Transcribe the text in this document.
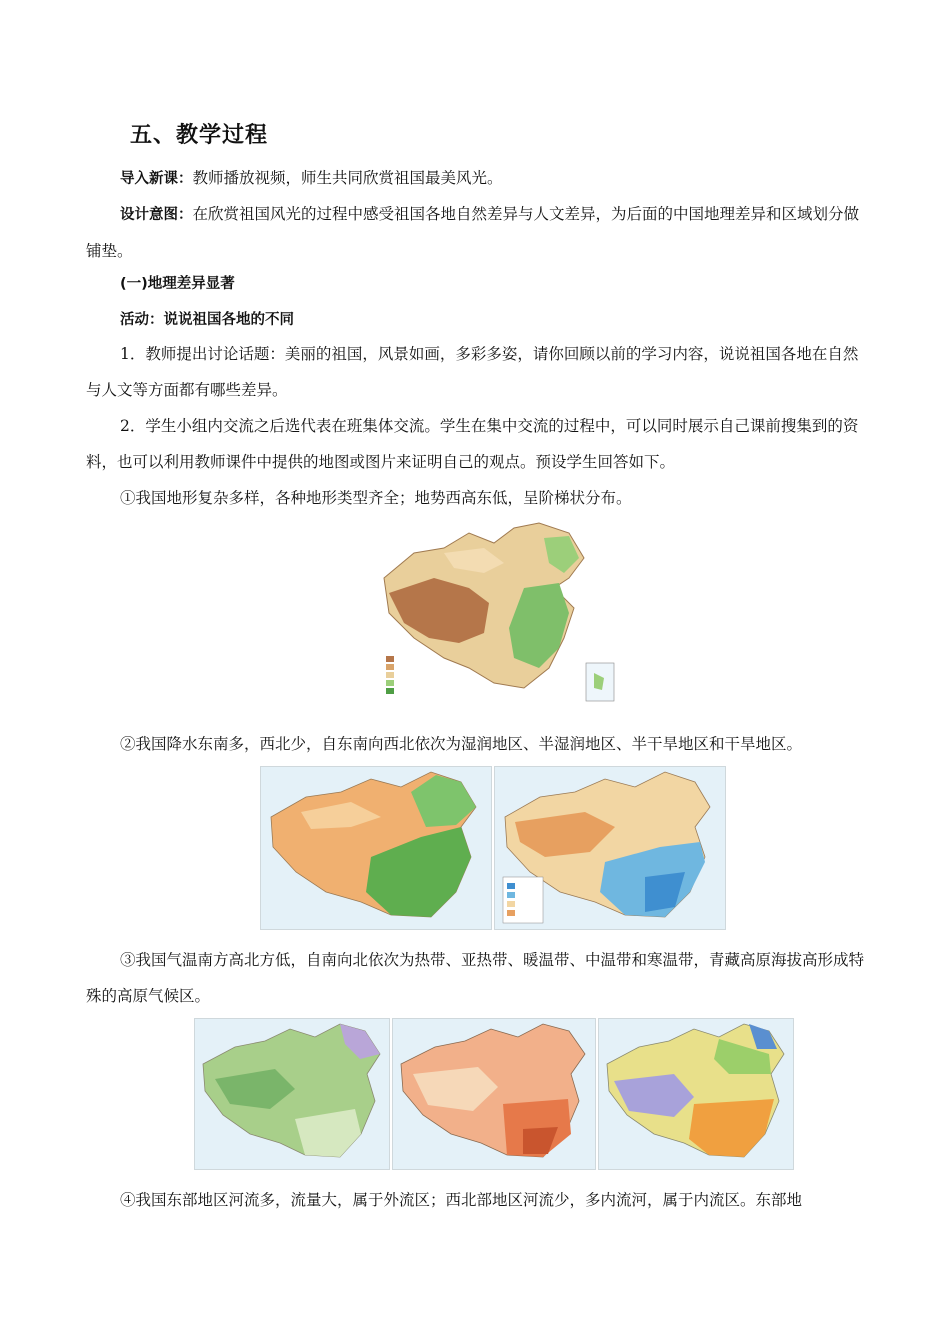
五、教学过程
导入新课：教师播放视频，师生共同欣赏祖国最美风光。
设计意图：在欣赏祖国风光的过程中感受祖国各地自然差异与人文差异，为后面的中国地理差异和区域划分做铺垫。
(一)地理差异显著
活动：说说祖国各地的不同
1．教师提出讨论话题：美丽的祖国，风景如画，多彩多姿，请你回顾以前的学习内容，说说祖国各地在自然与人文等方面都有哪些差异。
2．学生小组内交流之后选代表在班集体交流。学生在集中交流的过程中，可以同时展示自己课前搜集到的资料，也可以利用教师课件中提供的地图或图片来证明自己的观点。预设学生回答如下。
①我国地形复杂多样，各种地形类型齐全；地势西高东低，呈阶梯状分布。
②我国降水东南多，西北少，自东南向西北依次为湿润地区、半湿润地区、半干旱地区和干旱地区。
③我国气温南方高北方低，自南向北依次为热带、亚热带、暖温带、中温带和寒温带，青藏高原海拔高形成特殊的高原气候区。
④我国东部地区河流多，流量大，属于外流区；西北部地区河流少，多内流河，属于内流区。东部地
